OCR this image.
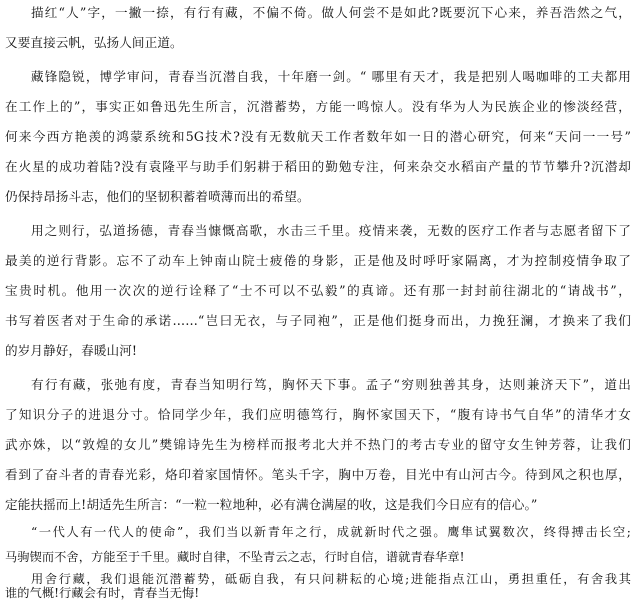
描红“人”字，一撇一捺，有行有藏，不偏不倚。做人何尝不是如此?既要沉下心来，养吾浩然之气，
又要直接云帆，弘扬人间正道。
藏锋隐锐，博学审问，青春当沉潜自我，十年磨一剑。“ 哪里有天才，我是把别人喝咖啡的工夫都用
在工作上的”，事实正如鲁迅先生所言，沉潜蓄势，方能一鸣惊人。没有华为人为民族企业的惨淡经营，
何来今西方艳羡的鸿蒙系统和5G技术?没有无数航天工作者数年如一日的潜心研究，何来“天问一一号”
在火星的成功着陆?没有袁隆平与助手们躬耕于稻田的勤勉专注，何来杂交水稻亩产量的节节攀升?沉潜却
仍保持昂扬斗志，他们的坚韧积蓄着喷薄而出的希望。
用之则行，弘道扬德，青春当慷慨高歌，水击三千里。疫情来袭，无数的医疗工作者与志愿者留下了
最美的逆行背影。忘不了动车上钟南山院士疲倦的身影，正是他及时呼吁家隔离，才为控制疫情争取了
宝贵时机。他用一次次的逆行诠释了“士不可以不弘毅”的真谛。还有那一封封前往湖北的“请战书”，
书写着医者对于生命的承诺……“岂曰无衣，与子同袍”，正是他们挺身而出，力挽狂澜，才换来了我们
的岁月静好，春暖山河!
有行有藏，张弛有度，青春当知明行笃，胸怀天下事。孟子“穷则独善其身，达则兼济天下”，道出
了知识分子的进退分寸。恰同学少年，我们应明德笃行，胸怀家国天下，“腹有诗书气自华”的清华才女
武亦姝，以“敦煌的女儿”樊锦诗先生为榜样而报考北大并不热门的考古专业的留守女生钟芳蓉，让我们
看到了奋斗者的青春光彩，烙印着家国情怀。笔头千字，胸中万卷，目光中有山河古今。待到风之积也厚，
定能扶摇而上!胡适先生所言：“一粒一粒地种，必有满仓满屋的收，这是我们今日应有的信心。”
“一代人有一代人的使命”，我们当以新青年之行，成就新时代之强。鹰隼试翼数次，终得搏击长空;
马驹锲而不舍，方能至于千里。藏时自律，不坠青云之志，行时自信，谱就青春华章!
用舍行藏，我们退能沉潜蓄势，砥砺自我，有只问耕耘的心境;进能指点江山，勇担重任，有舍我其
谁的气概!行藏会有时，青春当无悔!
